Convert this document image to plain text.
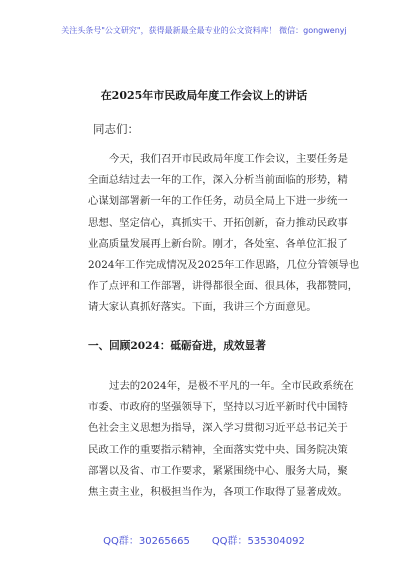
关注头条号"公文研究"，获得最新最全最专业的公文资料库！ 微信：gongwenyj
在2025年市民政局年度工作会议上的讲话
同志们：
今天，我们召开市民政局年度工作会议，主要任务是
全面总结过去一年的工作，深入分析当前面临的形势，精
心谋划部署新一年的工作任务，动员全局上下进一步统一
思想、坚定信心，真抓实干、开拓创新，奋力推动民政事
业高质量发展再上新台阶。刚才，各处室、各单位汇报了
2024年工作完成情况及2025年工作思路，几位分管领导也
作了点评和工作部署，讲得都很全面、很具体，我都赞同，
请大家认真抓好落实。下面，我讲三个方面意见。
一、回顾2024：砥砺奋进，成效显著
过去的2024年，是极不平凡的一年。全市民政系统在
市委、市政府的坚强领导下，坚持以习近平新时代中国特
色社会主义思想为指导，深入学习贯彻习近平总书记关于
民政工作的重要指示精神，全面落实党中央、国务院决策
部署以及省、市工作要求，紧紧围绕中心、服务大局，聚
焦主责主业，积极担当作为，各项工作取得了显著成效。
QQ群：30265665 QQ群：535304092
